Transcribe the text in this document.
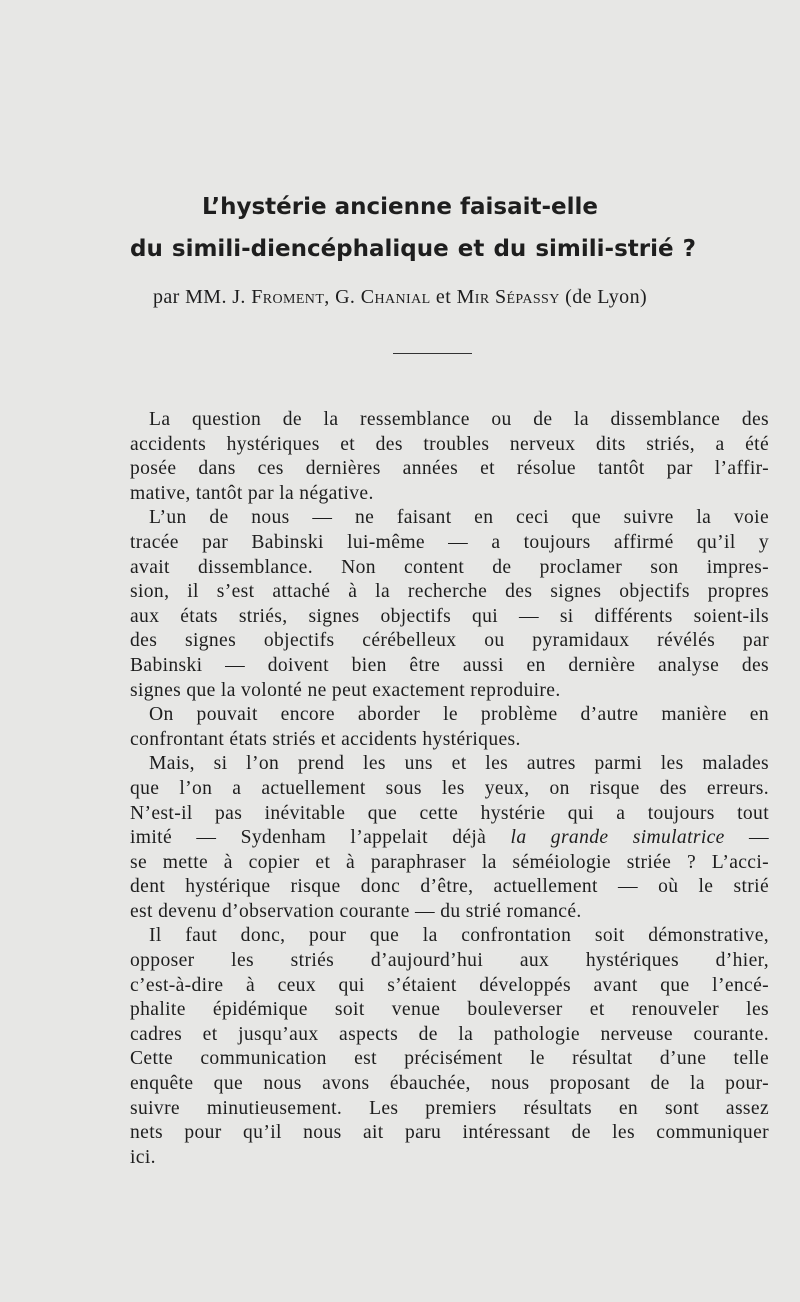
L’hystérie ancienne faisait-elle
du simili-diencéphalique et du simili-strié ?

par MM. J. Froment, G. Chanial et Mir Sépassy (de Lyon)

La question de la ressemblance ou de la dissemblance des
accidents hystériques et des troubles nerveux dits striés, a été
posée dans ces dernières années et résolue tantôt par l’affir-
mative, tantôt par la négative.
L’un de nous — ne faisant en ceci que suivre la voie
tracée par Babinski lui-même — a toujours affirmé qu’il y
avait dissemblance. Non content de proclamer son impres-
sion, il s’est attaché à la recherche des signes objectifs propres
aux états striés, signes objectifs qui — si différents soient-ils
des signes objectifs cérébelleux ou pyramidaux révélés par
Babinski — doivent bien être aussi en dernière analyse des
signes que la volonté ne peut exactement reproduire.
On pouvait encore aborder le problème d’autre manière en
confrontant états striés et accidents hystériques.
Mais, si l’on prend les uns et les autres parmi les malades
que l’on a actuellement sous les yeux, on risque des erreurs.
N’est-il pas inévitable que cette hystérie qui a toujours tout
imité — Sydenham l’appelait déjà la grande simulatrice —
se mette à copier et à paraphraser la séméiologie striée ? L’acci-
dent hystérique risque donc d’être, actuellement — où le strié
est devenu d’observation courante — du strié romancé.
Il faut donc, pour que la confrontation soit démonstrative,
opposer les striés d’aujourd’hui aux hystériques d’hier,
c’est-à-dire à ceux qui s’étaient développés avant que l’encé-
phalite épidémique soit venue bouleverser et renouveler les
cadres et jusqu’aux aspects de la pathologie nerveuse courante.
Cette communication est précisément le résultat d’une telle
enquête que nous avons ébauchée, nous proposant de la pour-
suivre minutieusement. Les premiers résultats en sont assez
nets pour qu’il nous ait paru intéressant de les communiquer
ici.
